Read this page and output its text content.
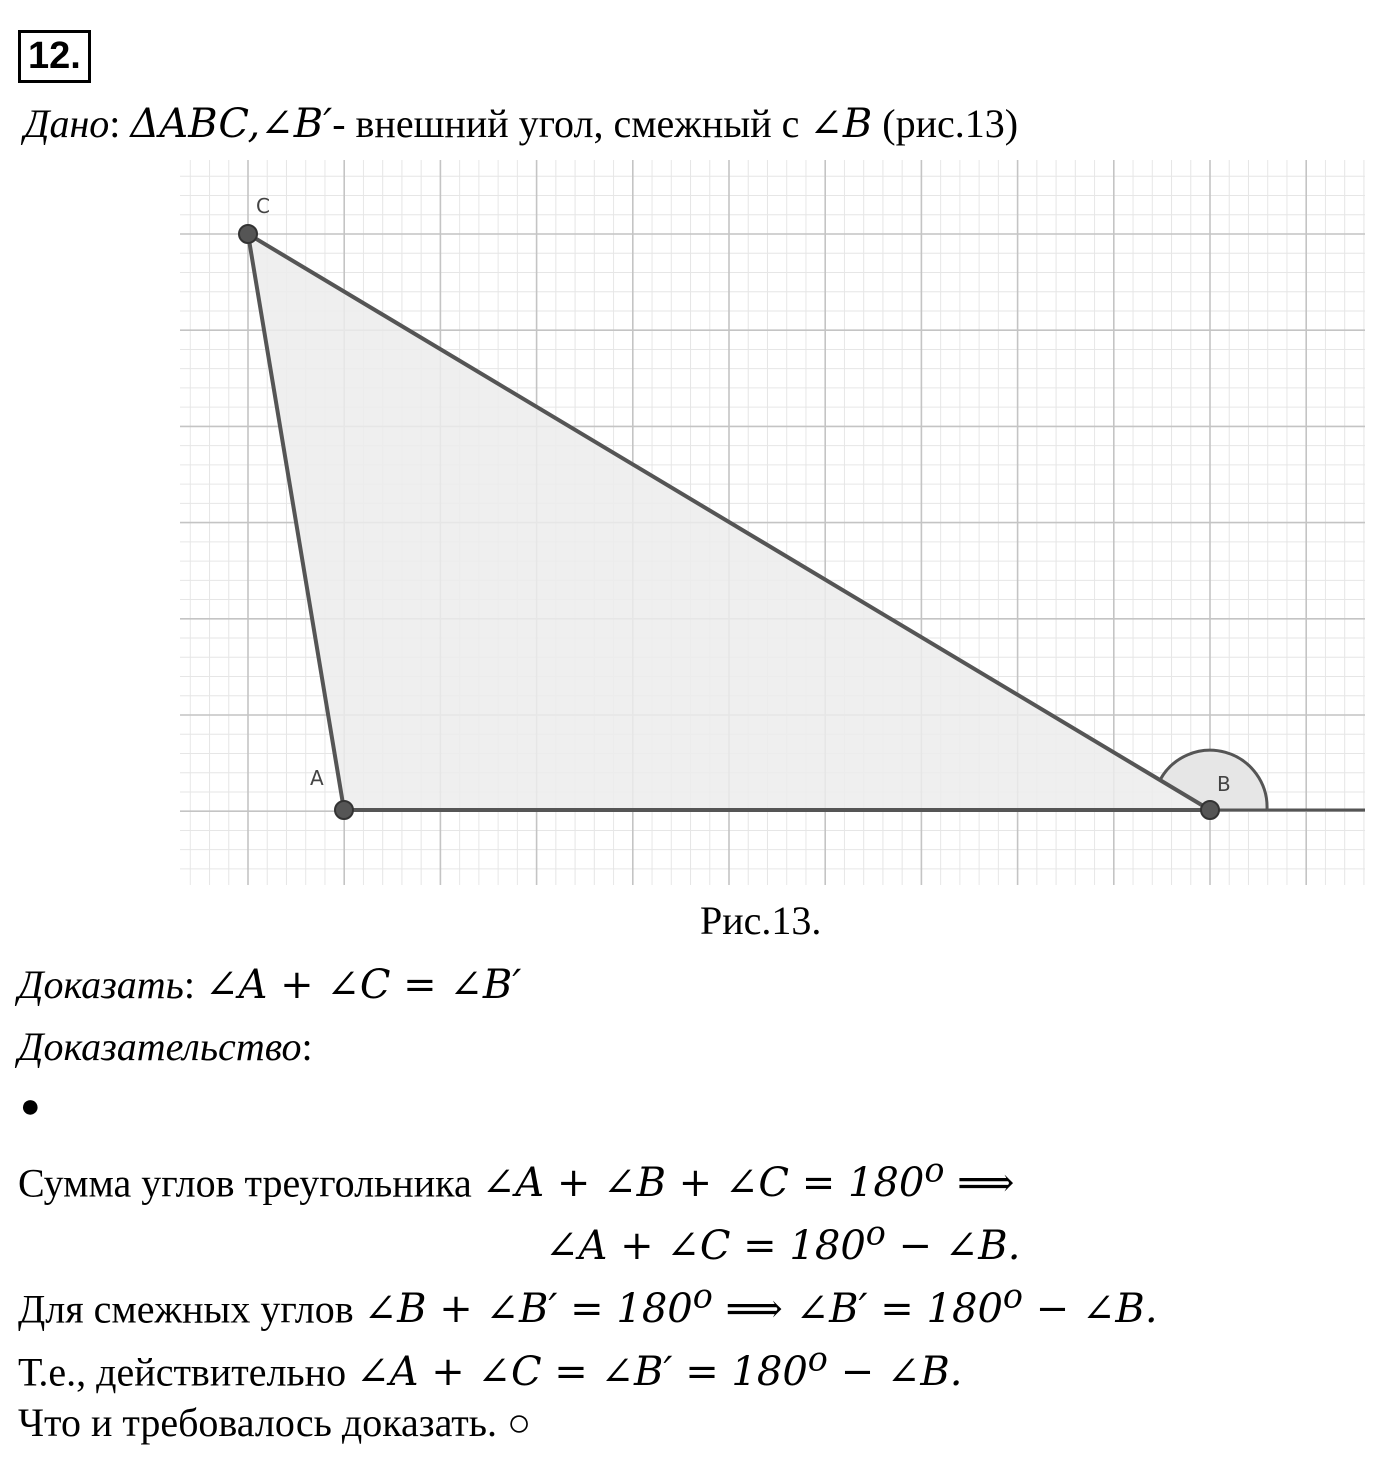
12.
Дано: ΔABC,∠B′- внешний угол, смежный с ∠B (рис.13)
C
A	B
Рис.13.
Доказать: ∠A + ∠C = ∠B′
Доказательство:
●
Сумма углов треугольника ∠A + ∠B + ∠C = $180^o$ ⟹
∠A + ∠C = $180^o$ − ∠B.
Для смежных углов ∠B + ∠B′ = $180^o$ ⟹ ∠B′ = $180^o$ − ∠B.
Т.е., действительно ∠A + ∠C = ∠B′ = $180^o$ − ∠B.
Что и требовалось доказать. ○
